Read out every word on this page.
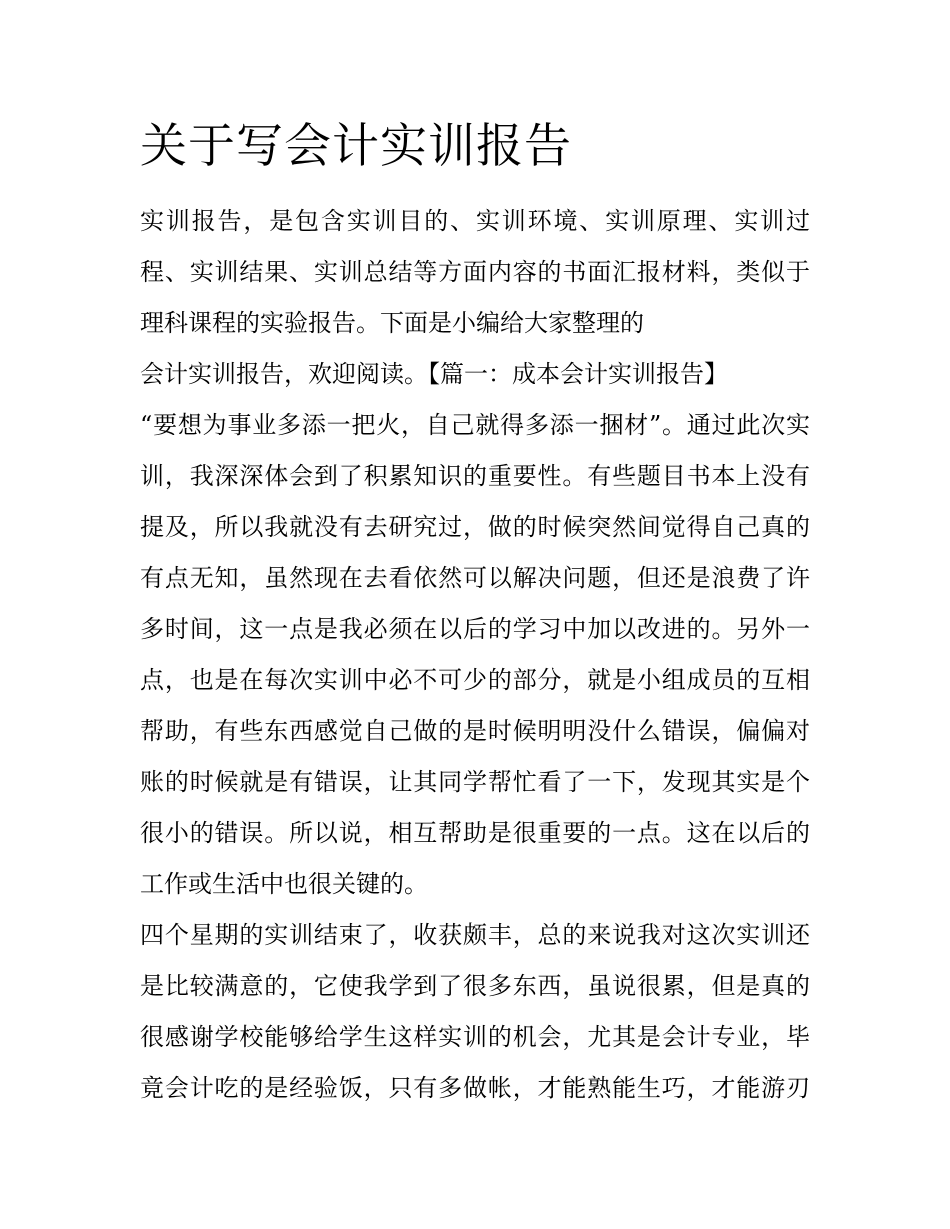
关于写会计实训报告

实训报告，是包含实训目的、实训环境、实训原理、实训过

程、实训结果、实训总结等方面内容的书面汇报材料，类似于

理科课程的实验报告。下面是小编给大家整理的

会计实训报告，欢迎阅读。【篇一：成本会计实训报告】

“要想为事业多添一把火，自己就得多添一捆材”。通过此次实

训，我深深体会到了积累知识的重要性。有些题目书本上没有

提及，所以我就没有去研究过，做的时候突然间觉得自己真的

有点无知，虽然现在去看依然可以解决问题，但还是浪费了许

多时间，这一点是我必须在以后的学习中加以改进的。另外一

点，也是在每次实训中必不可少的部分，就是小组成员的互相

帮助，有些东西感觉自己做的是时候明明没什么错误，偏偏对

账的时候就是有错误，让其同学帮忙看了一下，发现其实是个

很小的错误。所以说，相互帮助是很重要的一点。这在以后的

工作或生活中也很关键的。

四个星期的实训结束了，收获颇丰，总的来说我对这次实训还

是比较满意的，它使我学到了很多东西，虽说很累，但是真的

很感谢学校能够给学生这样实训的机会，尤其是会计专业，毕

竟会计吃的是经验饭，只有多做帐，才能熟能生巧，才能游刃
